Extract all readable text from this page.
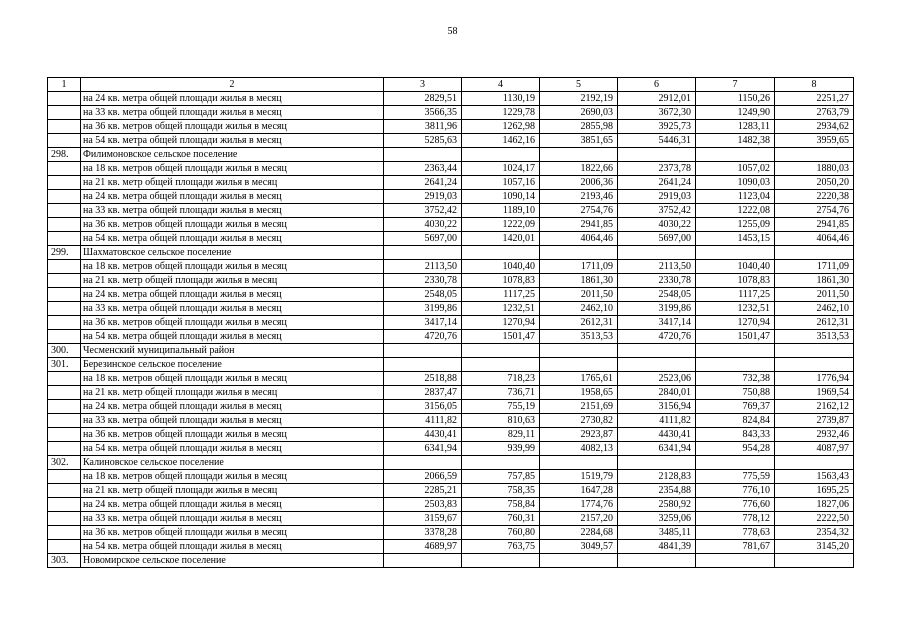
58
1	2	3	4	5	6	7	8
	на 24 кв. метра общей площади жилья в месяц	2829,51	1130,19	2192,19	2912,01	1150,26	2251,27
	на 33 кв. метра общей площади жилья в месяц	3566,35	1229,78	2690,03	3672,30	1249,90	2763,79
	на 36 кв. метров общей площади жилья в месяц	3811,96	1262,98	2855,98	3925,73	1283,11	2934,62
	на 54 кв. метра общей площади жилья в месяц	5285,63	1462,16	3851,65	5446,31	1482,38	3959,65
298.	Филимоновское сельское поселение						
	на 18 кв. метров общей площади жилья в месяц	2363,44	1024,17	1822,66	2373,78	1057,02	1880,03
	на 21 кв. метр общей площади жилья в месяц	2641,24	1057,16	2006,36	2641,24	1090,03	2050,20
	на 24 кв. метра общей площади жилья в месяц	2919,03	1090,14	2193,46	2919,03	1123,04	2220,38
	на 33 кв. метра общей площади жилья в месяц	3752,42	1189,10	2754,76	3752,42	1222,08	2754,76
	на 36 кв. метров общей площади жилья в месяц	4030,22	1222,09	2941,85	4030,22	1255,09	2941,85
	на 54 кв. метра общей площади жилья в месяц	5697,00	1420,01	4064,46	5697,00	1453,15	4064,46
299.	Шахматовское сельское поселение						
	на 18 кв. метров общей площади жилья в месяц	2113,50	1040,40	1711,09	2113,50	1040,40	1711,09
	на 21 кв. метр общей площади жилья в месяц	2330,78	1078,83	1861,30	2330,78	1078,83	1861,30
	на 24 кв. метра общей площади жилья в месяц	2548,05	1117,25	2011,50	2548,05	1117,25	2011,50
	на 33 кв. метра общей площади жилья в месяц	3199,86	1232,51	2462,10	3199,86	1232,51	2462,10
	на 36 кв. метров общей площади жилья в месяц	3417,14	1270,94	2612,31	3417,14	1270,94	2612,31
	на 54 кв. метра общей площади жилья в месяц	4720,76	1501,47	3513,53	4720,76	1501,47	3513,53
300.	Чесменский муниципальный район						
301.	Березинское сельское поселение						
	на 18 кв. метров общей площади жилья в месяц	2518,88	718,23	1765,61	2523,06	732,38	1776,94
	на 21 кв. метр общей площади жилья в месяц	2837,47	736,71	1958,65	2840,01	750,88	1969,54
	на 24 кв. метра общей площади жилья в месяц	3156,05	755,19	2151,69	3156,94	769,37	2162,12
	на 33 кв. метра общей площади жилья в месяц	4111,82	810,63	2730,82	4111,82	824,84	2739,87
	на 36 кв. метров общей площади жилья в месяц	4430,41	829,11	2923,87	4430,41	843,33	2932,46
	на 54 кв. метра общей площади жилья в месяц	6341,94	939,99	4082,13	6341,94	954,28	4087,97
302.	Калиновское сельское поселение						
	на 18 кв. метров общей площади жилья в месяц	2066,59	757,85	1519,79	2128,83	775,59	1563,43
	на 21 кв. метр общей площади жилья в месяц	2285,21	758,35	1647,28	2354,88	776,10	1695,25
	на 24 кв. метра общей площади жилья в месяц	2503,83	758,84	1774,76	2580,92	776,60	1827,06
	на 33 кв. метра общей площади жилья в месяц	3159,67	760,31	2157,20	3259,06	778,12	2222,50
	на 36 кв. метров общей площади жилья в месяц	3378,28	760,80	2284,68	3485,11	778,63	2354,32
	на 54 кв. метра общей площади жилья в месяц	4689,97	763,75	3049,57	4841,39	781,67	3145,20
303.	Новомирское сельское поселение						
